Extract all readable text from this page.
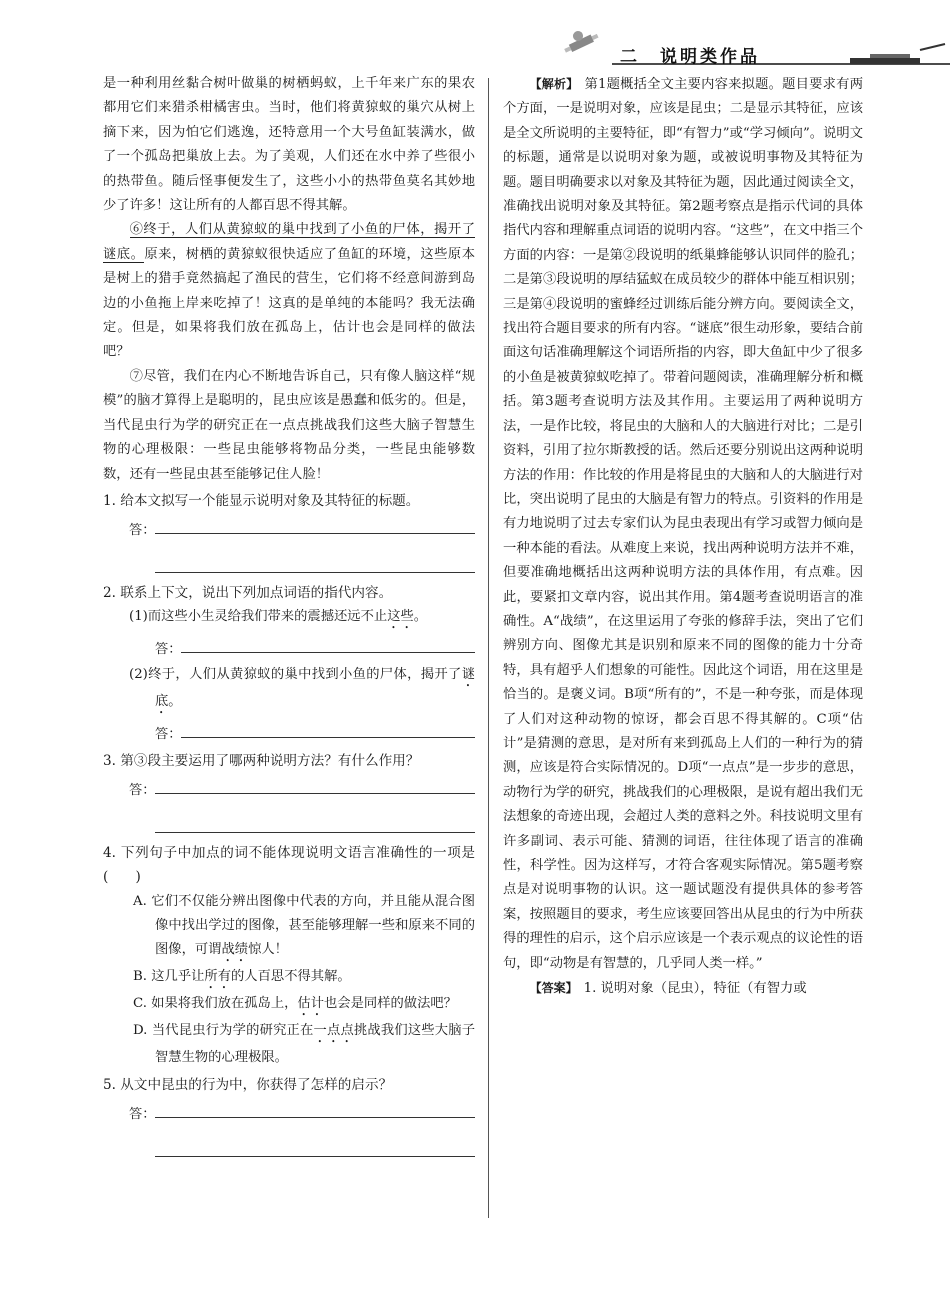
二　说明类作品

是一种利用丝黏合树叶做巢的树栖蚂蚁，上千年来广东的果农都用它们来猎杀柑橘害虫。当时，他们将黄猄蚁的巢穴从树上摘下来，因为怕它们逃逸，还特意用一个大号鱼缸装满水，做了一个孤岛把巢放上去。为了美观，人们还在水中养了些很小的热带鱼。随后怪事便发生了，这些小小的热带鱼莫名其妙地少了许多！这让所有的人都百思不得其解。

⑥终于，人们从黄猄蚁的巢中找到了小鱼的尸体，揭开了谜底。原来，树栖的黄猄蚁很快适应了鱼缸的环境，这些原本是树上的猎手竟然搞起了渔民的营生，它们将不经意间游到岛边的小鱼拖上岸来吃掉了！这真的是单纯的本能吗？我无法确定。但是，如果将我们放在孤岛上，估计也会是同样的做法吧？

⑦尽管，我们在内心不断地告诉自己，只有像人脑这样“规模”的脑才算得上是聪明的，昆虫应该是愚蠢和低劣的。但是，当代昆虫行为学的研究正在一点点挑战我们这些大脑子智慧生物的心理极限：一些昆虫能够将物品分类，一些昆虫能够数数，还有一些昆虫甚至能够记住人脸！

1. 给本文拟写一个能显示说明对象及其特征的标题。

答：

2. 联系上下文，说出下列加点词语的指代内容。

(1)而这些小生灵给我们带来的震撼还远不止这些。

答：

(2)终于，人们从黄猄蚁的巢中找到小鱼的尸体，揭开了谜底。

答：

3. 第③段主要运用了哪两种说明方法？有什么作用？

答：

4. 下列句子中加点的词不能体现说明文语言准确性的一项是(　　)

A. 它们不仅能分辨出图像中代表的方向，并且能从混合图像中找出学过的图像，甚至能够理解一些和原来不同的图像，可谓战绩惊人！

B. 这几乎让所有的人百思不得其解。

C. 如果将我们放在孤岛上，估计也会是同样的做法吧？

D. 当代昆虫行为学的研究正在一点点挑战我们这些大脑子智慧生物的心理极限。

5. 从文中昆虫的行为中，你获得了怎样的启示？

答：

【解析】 第1题概括全文主要内容来拟题。题目要求有两个方面，一是说明对象，应该是昆虫；二是显示其特征，应该是全文所说明的主要特征，即“有智力”或“学习倾向”。说明文的标题，通常是以说明对象为题，或被说明事物及其特征为题。题目明确要求以对象及其特征为题，因此通过阅读全文，准确找出说明对象及其特征。第2题考察点是指示代词的具体指代内容和理解重点词语的说明内容。“这些”，在文中指三个方面的内容：一是第②段说明的纸巢蜂能够认识同伴的脸孔；二是第③段说明的厚结猛蚁在成员较少的群体中能互相识别；三是第④段说明的蜜蜂经过训练后能分辨方向。要阅读全文，找出符合题目要求的所有内容。“谜底”很生动形象，要结合前面这句话准确理解这个词语所指的内容，即大鱼缸中少了很多的小鱼是被黄猄蚁吃掉了。带着问题阅读，准确理解分析和概括。第3题考查说明方法及其作用。主要运用了两种说明方法，一是作比较，将昆虫的大脑和人的大脑进行对比；二是引资料，引用了拉尔斯教授的话。然后还要分别说出这两种说明方法的作用：作比较的作用是将昆虫的大脑和人的大脑进行对比，突出说明了昆虫的大脑是有智力的特点。引资料的作用是有力地说明了过去专家们认为昆虫表现出有学习或智力倾向是一种本能的看法。从难度上来说，找出两种说明方法并不难，但要准确地概括出这两种说明方法的具体作用，有点难。因此，要紧扣文章内容，说出其作用。第4题考查说明语言的准确性。A“战绩”，在这里运用了夸张的修辞手法，突出了它们辨别方向、图像尤其是识别和原来不同的图像的能力十分奇特，具有超乎人们想象的可能性。因此这个词语，用在这里是恰当的。是褒义词。B项“所有的”，不是一种夸张，而是体现了人们对这种动物的惊讶，都会百思不得其解的。C项“估计”是猜测的意思，是对所有来到孤岛上人们的一种行为的猜测，应该是符合实际情况的。D项“一点点”是一步步的意思，动物行为学的研究，挑战我们的心理极限，是说有超出我们无法想象的奇迹出现，会超过人类的意料之外。科技说明文里有许多副词、表示可能、猜测的词语，往往体现了语言的准确性，科学性。因为这样写，才符合客观实际情况。第5题考察点是对说明事物的认识。这一题试题没有提供具体的参考答案，按照题目的要求，考生应该要回答出从昆虫的行为中所获得的理性的启示，这个启示应该是一个表示观点的议论性的语句，即“动物是有智慧的，几乎同人类一样。”

【答案】 1. 说明对象（昆虫），特征（有智力或
